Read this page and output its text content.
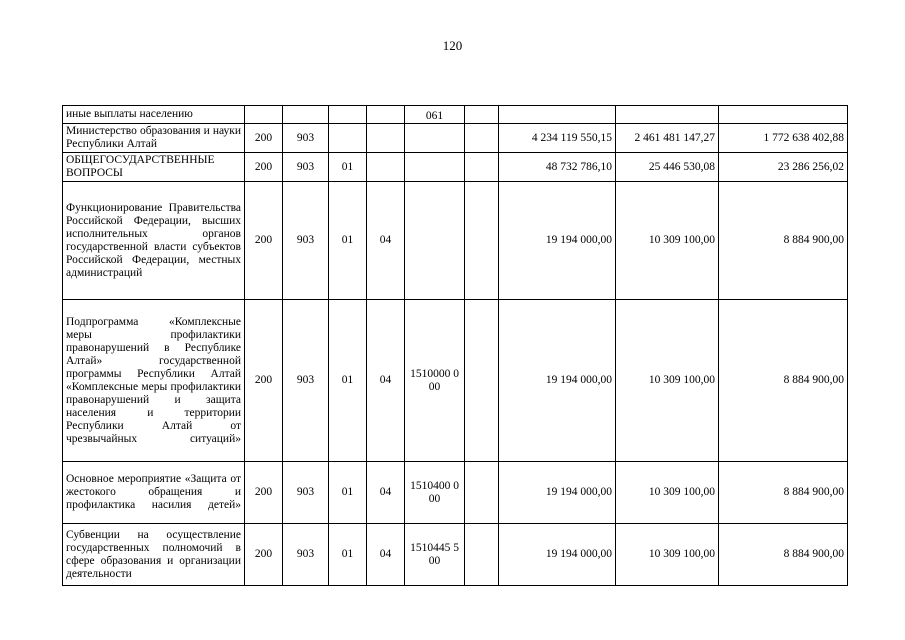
120
иные выплаты населению					061				
Министерство образования и науки Республики Алтай	200	903					4 234 119 550,15	2 461 481 147,27	1 772 638 402,88
ОБЩЕГОСУДАРСТВЕННЫЕ ВОПРОСЫ	200	903	01				48 732 786,10	25 446 530,08	23 286 256,02
Функционирование Правительства Российской Федерации, высших исполнительных органов государственной власти субъектов Российской Федерации, местных администраций	200	903	01	04			19 194 000,00	10 309 100,00	8 884 900,00
Подпрограмма «Комплексные меры профилактики правонарушений в Республике Алтай» государственной программы Республики Алтай «Комплексные меры профилактики правонарушений и защита населения и территории Республики Алтай от чрезвычайных ситуаций»	200	903	01	04	1510000 000		19 194 000,00	10 309 100,00	8 884 900,00
Основное мероприятие «Защита от жестокого обращения и профилактика насилия детей»	200	903	01	04	1510400 000		19 194 000,00	10 309 100,00	8 884 900,00
Субвенции на осуществление государственных полномочий в сфере образования и организации деятельности	200	903	01	04	1510445 500		19 194 000,00	10 309 100,00	8 884 900,00
